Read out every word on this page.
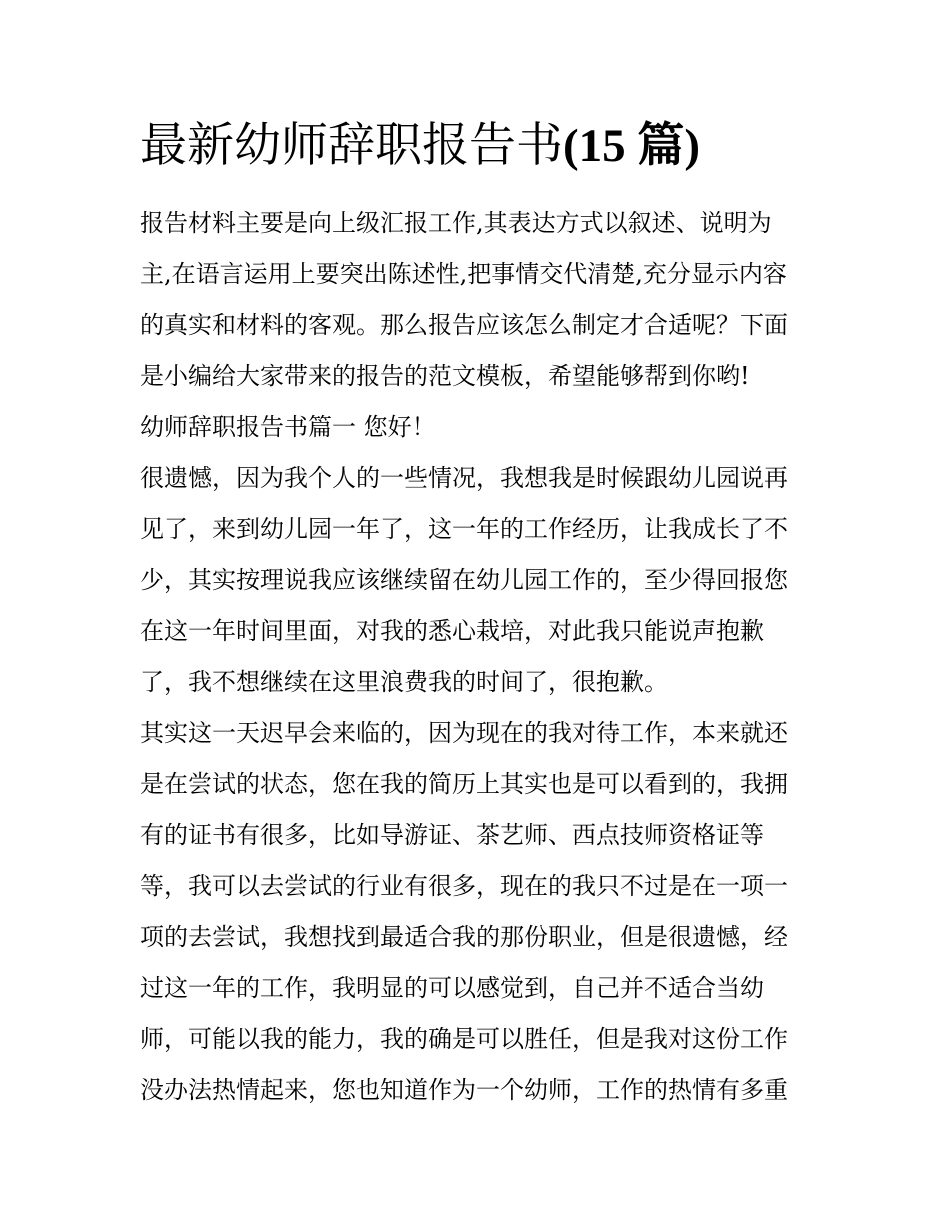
最新幼师辞职报告书(15 篇)

报告材料主要是向上级汇报工作,其表达方式以叙述、说明为
主,在语言运用上要突出陈述性,把事情交代清楚,充分显示内容
的真实和材料的客观。那么报告应该怎么制定才合适呢？下面
是小编给大家带来的报告的范文模板，希望能够帮到你哟!

幼师辞职报告书篇一 您好！

很遗憾，因为我个人的一些情况，我想我是时候跟幼儿园说再
见了，来到幼儿园一年了，这一年的工作经历，让我成长了不
少，其实按理说我应该继续留在幼儿园工作的，至少得回报您
在这一年时间里面，对我的悉心栽培，对此我只能说声抱歉
了，我不想继续在这里浪费我的时间了，很抱歉。

其实这一天迟早会来临的，因为现在的我对待工作，本来就还
是在尝试的状态，您在我的简历上其实也是可以看到的，我拥
有的证书有很多，比如导游证、茶艺师、西点技师资格证等
等，我可以去尝试的行业有很多，现在的我只不过是在一项一
项的去尝试，我想找到最适合我的那份职业，但是很遗憾，经
过这一年的工作，我明显的可以感觉到，自己并不适合当幼
师，可能以我的能力，我的确是可以胜任，但是我对这份工作
没办法热情起来，您也知道作为一个幼师，工作的热情有多重
